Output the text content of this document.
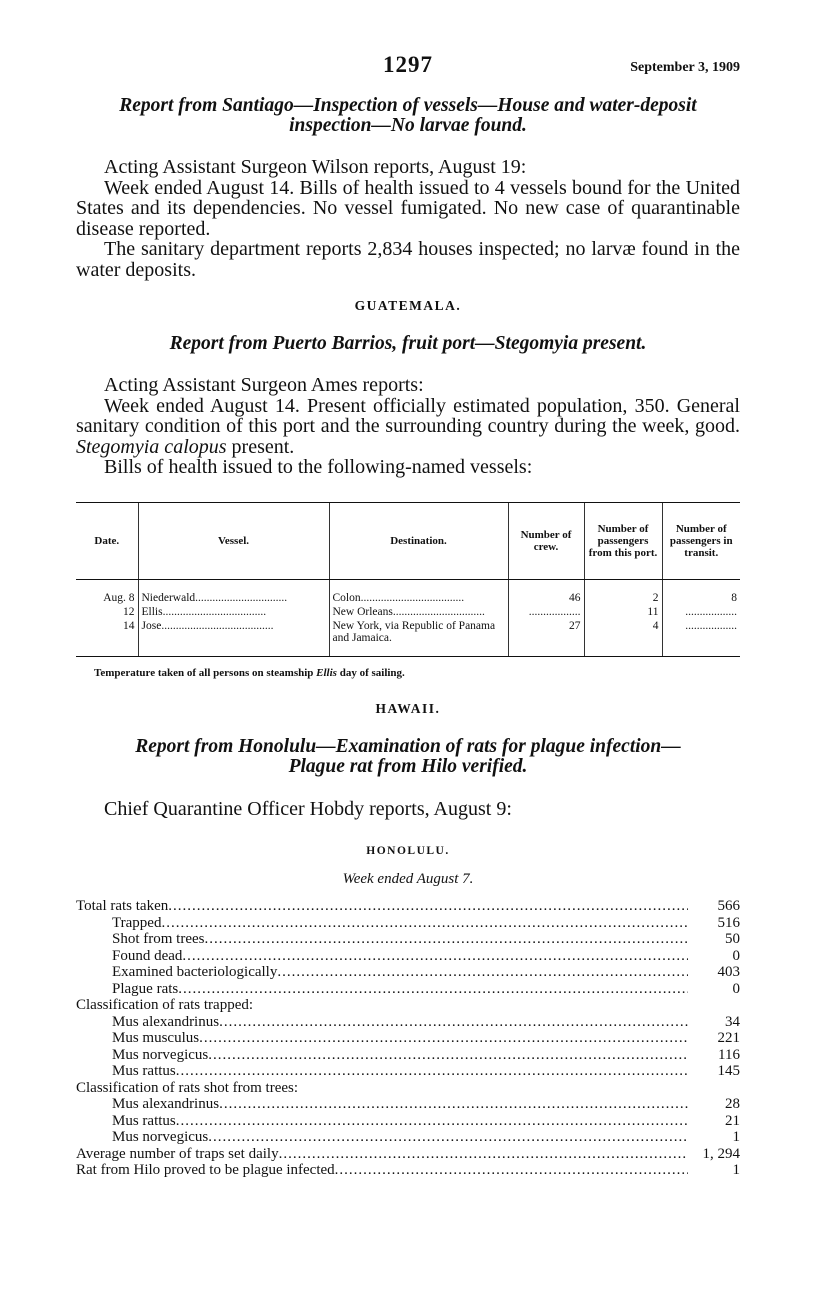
1297	September 3, 1909
Report from Santiago—Inspection of vessels—House and water-deposit
inspection—No larvae found.

Acting Assistant Surgeon Wilson reports, August 19:

Week ended August 14. Bills of health issued to 4 vessels bound for the United States and its dependencies. No vessel fumigated. No new case of quarantinable disease reported.

The sanitary department reports 2,834 houses inspected; no larvæ found in the water deposits.

GUATEMALA.
Report from Puerto Barrios, fruit port—Stegomyia present.

Acting Assistant Surgeon Ames reports:

Week ended August 14. Present officially estimated population, 350. General sanitary condition of this port and the surrounding country during the week, good. Stegomyia calopus present.

Bills of health issued to the following-named vessels:

Date.	Vessel.	Destination.	Number of crew.	Number of passengers from this port.	Number of passengers in transit.
Aug. 8	Niederwald................................	Colon....................................	46	2	8
12	Ellis....................................	New Orleans................................	..................	11	..................
14	Jose.......................................	New York, via Republic of Panama and Jamaica.	27	4	..................
Temperature taken of all persons on steamship Ellis day of sailing.
HAWAII.
Report from Honolulu—Examination of rats for plague infection—
Plague rat from Hilo verified.

Chief Quarantine Officer Hobdy reports, August 9:

HONOLULU.
Week ended August 7.
Total rats taken .....	566
Trapped .....	516
Shot from trees .....	50
Found dead .....	0
Examined bacteriologically .....	403
Plague rats .....	0
Classification of rats trapped:
Mus alexandrinus .....	34
Mus musculus .....	221
Mus norvegicus .....	116
Mus rattus .....	145
Classification of rats shot from trees:
Mus alexandrinus .....	28
Mus rattus .....	21
Mus norvegicus .....	1
Average number of traps set daily .....	1, 294
Rat from Hilo proved to be plague infected .....	1
